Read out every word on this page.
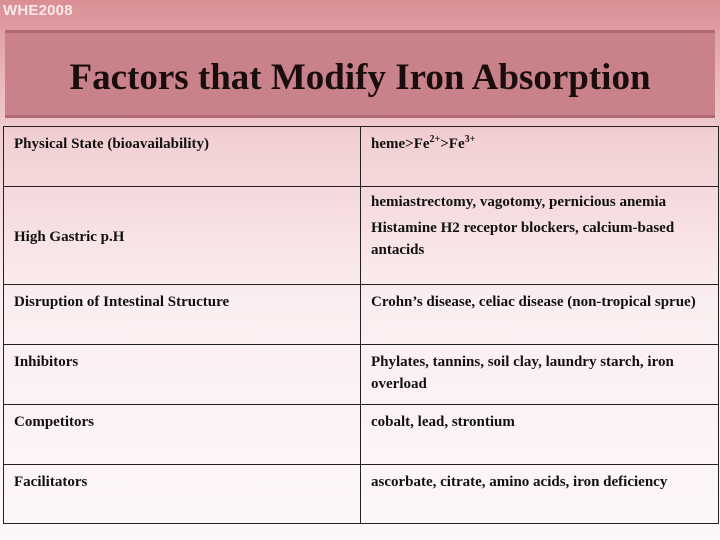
WHE2008
Factors that Modify Iron Absorption
Physical State (bioavailability)	$heme>Fe^{2+}>Fe^{3+}$
High Gastric p.H	hemiastrectomy, vagotomy, pernicious anemia

Histamine H2 receptor blockers, calcium-based antacids

Disruption of Intestinal Structure	Crohn’s disease, celiac disease (non-tropical sprue)
Inhibitors	Phylates, tannins, soil clay, laundry starch, iron overload
Competitors	cobalt, lead, strontium
Facilitators	ascorbate, citrate, amino acids, iron deficiency
